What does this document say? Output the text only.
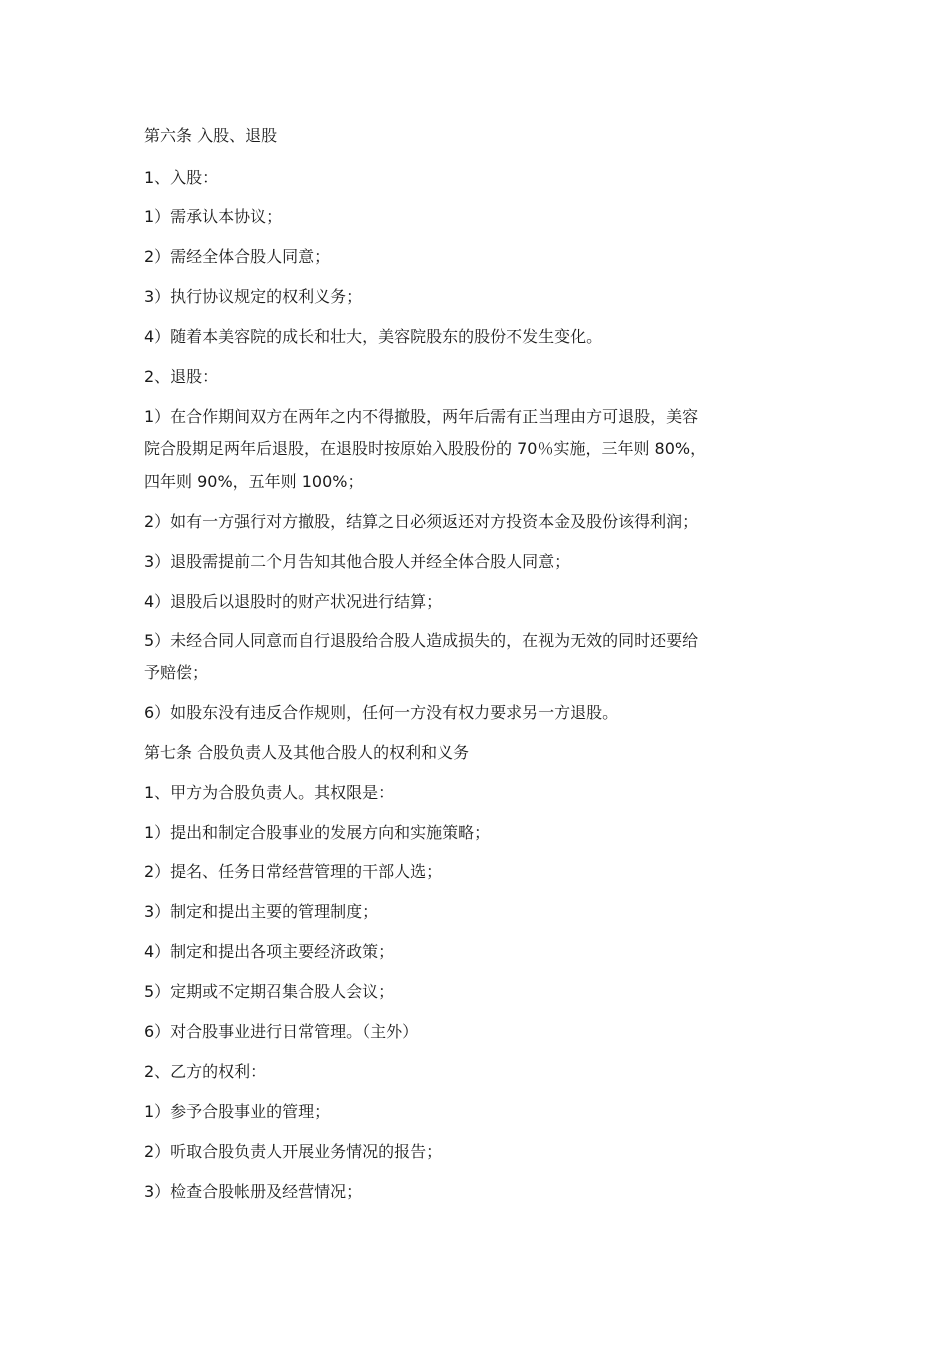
第六条 入股、退股

1、入股：

1）需承认本协议；

2）需经全体合股人同意；

3）执行协议规定的权利义务；

4）随着本美容院的成长和壮大，美容院股东的股份不发生变化。

2、退股：

1）在合作期间双方在两年之内不得撤股，两年后需有正当理由方可退股，美容

院合股期足两年后退股，在退股时按原始入股股份的 70％实施，三年则 80%，

四年则 90%，五年则 100%；

2）如有一方强行对方撤股，结算之日必须返还对方投资本金及股份该得利润；

3）退股需提前二个月告知其他合股人并经全体合股人同意；

4）退股后以退股时的财产状况进行结算；

5）未经合同人同意而自行退股给合股人造成损失的，在视为无效的同时还要给

予赔偿；

6）如股东没有违反合作规则，任何一方没有权力要求另一方退股。

第七条 合股负责人及其他合股人的权利和义务

1、甲方为合股负责人。其权限是：

1）提出和制定合股事业的发展方向和实施策略；

2）提名、任务日常经营管理的干部人选；

3）制定和提出主要的管理制度；

4）制定和提出各项主要经济政策；

5）定期或不定期召集合股人会议；

6）对合股事业进行日常管理。（主外）

2、乙方的权利：

1）参予合股事业的管理；

2）听取合股负责人开展业务情况的报告；

3）检查合股帐册及经营情况；
